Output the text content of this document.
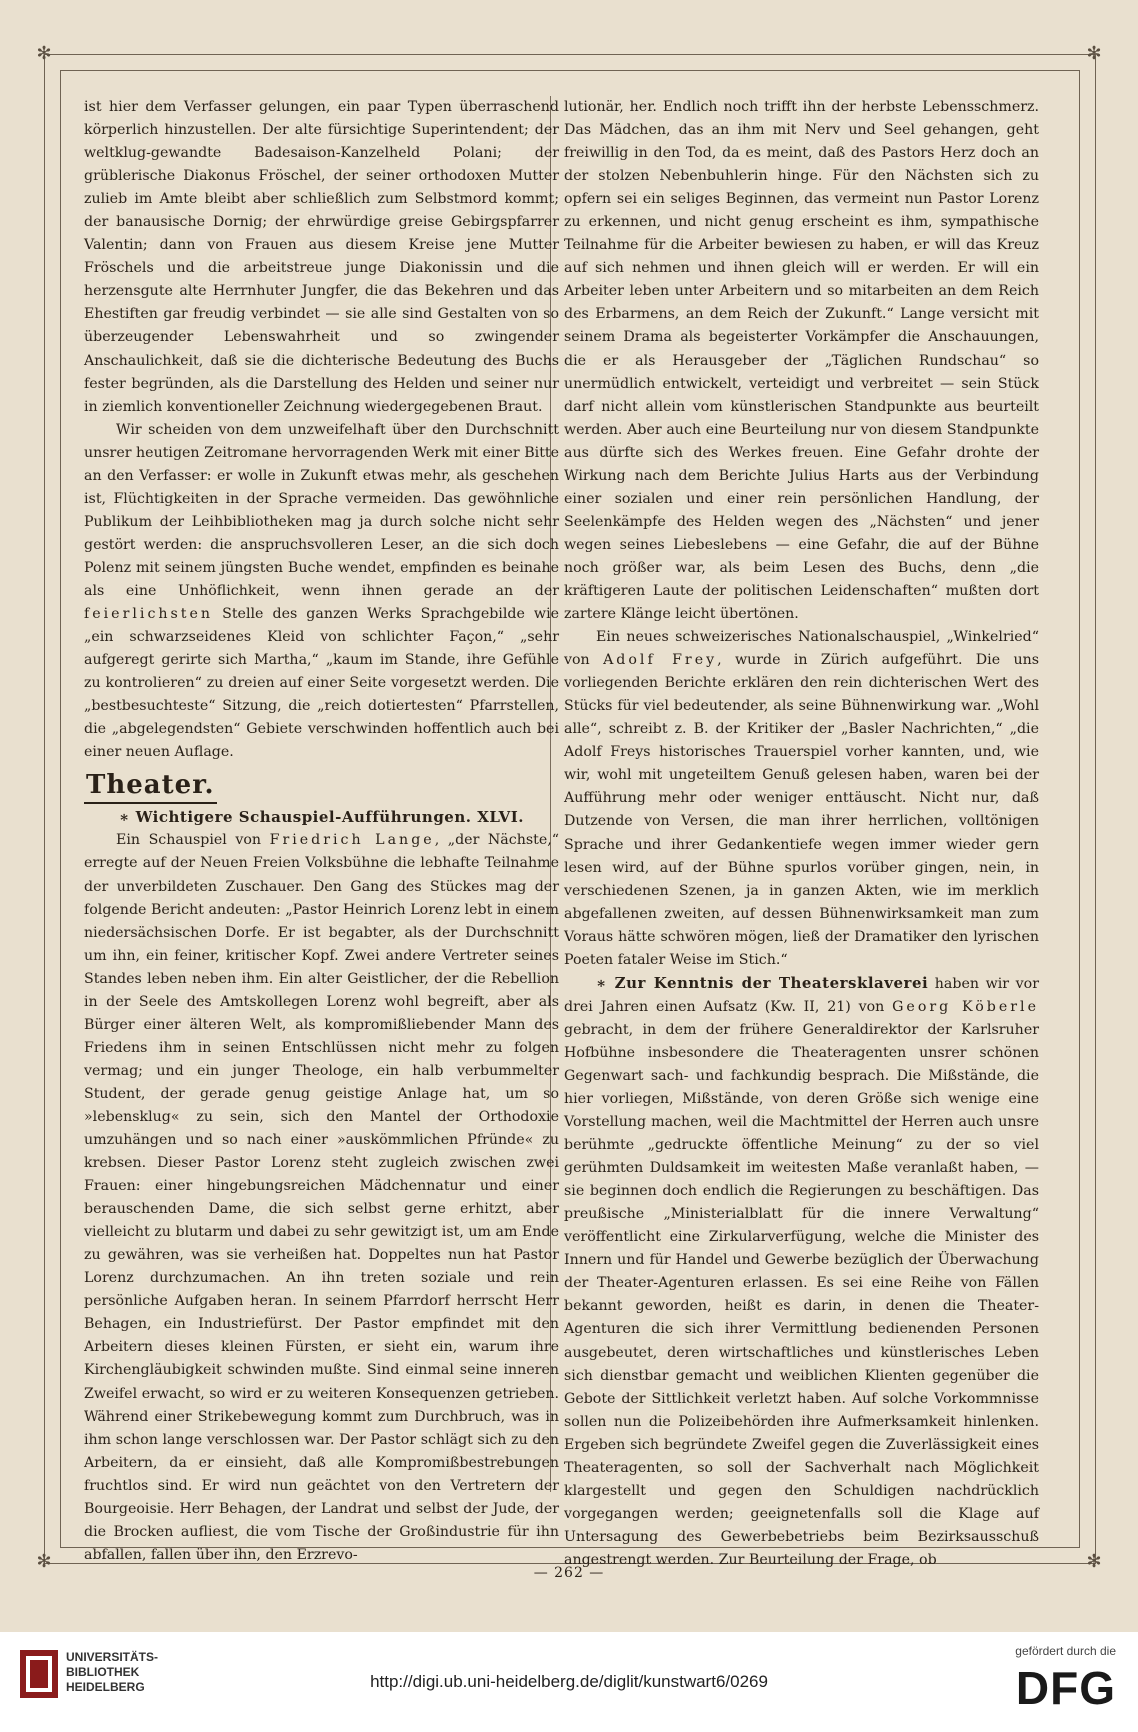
✻	✻
✻	✻

ist hier dem Verfasser gelungen, ein paar Typen überraschend körperlich hinzustellen. Der alte fürsichtige Superintendent; der weltklug-gewandte Badesaison-Kanzelheld Polani; der grüblerische Diakonus Fröschel, der seiner orthodoxen Mutter zulieb im Amte bleibt aber schließlich zum Selbstmord kommt; der banausische Dornig; der ehrwürdige greise Gebirgspfarrer Valentin; dann von Frauen aus diesem Kreise jene Mutter Fröschels und die arbeitstreue junge Diakonissin und die herzensgute alte Herrnhuter Jungfer, die das Bekehren und das Ehestiften gar freudig verbindet — sie alle sind Gestalten von so überzeugender Lebenswahrheit und so zwingender Anschaulichkeit, daß sie die dichterische Bedeutung des Buchs fester begründen, als die Darstellung des Helden und seiner nur in ziemlich konventioneller Zeichnung wiedergegebenen Braut.

Wir scheiden von dem unzweifelhaft über den Durchschnitt unsrer heutigen Zeitromane hervorragenden Werk mit einer Bitte an den Verfasser: er wolle in Zukunft etwas mehr, als geschehen ist, Flüchtigkeiten in der Sprache vermeiden. Das gewöhnliche Publikum der Leihbibliotheken mag ja durch solche nicht sehr gestört werden: die anspruchsvolleren Leser, an die sich doch Polenz mit seinem jüngsten Buche wendet, empfinden es beinahe als eine Unhöflichkeit, wenn ihnen gerade an der feierlichsten Stelle des ganzen Werks Sprachgebilde wie „ein schwarzseidenes Kleid von schlichter Façon,“ „sehr aufgeregt gerirte sich Martha,“ „kaum im Stande, ihre Gefühle zu kontrolieren“ zu dreien auf einer Seite vorgesetzt werden. Die „bestbesuchteste“ Sitzung, die „reich dotiertesten“ Pfarrstellen, die „abgelegendsten“ Gebiete verschwinden hoffentlich auch bei einer neuen Auflage.

Theater.
∗ Wichtigere Schauspiel-Aufführungen. XLVI.

Ein Schauspiel von Friedrich Lange, „der Nächste,“ erregte auf der Neuen Freien Volksbühne die lebhafte Teilnahme der unverbildeten Zuschauer. Den Gang des Stückes mag der folgende Bericht andeuten: „Pastor Heinrich Lorenz lebt in einem niedersächsischen Dorfe. Er ist begabter, als der Durchschnitt um ihn, ein feiner, kritischer Kopf. Zwei andere Vertreter seines Standes leben neben ihm. Ein alter Geistlicher, der die Rebellion in der Seele des Amtskollegen Lorenz wohl begreift, aber als Bürger einer älteren Welt, als kompromißliebender Mann des Friedens ihm in seinen Entschlüssen nicht mehr zu folgen vermag; und ein junger Theologe, ein halb verbummelter Student, der gerade genug geistige Anlage hat, um so »lebensklug« zu sein, sich den Mantel der Orthodoxie umzuhängen und so nach einer »auskömmlichen Pfründe« zu krebsen. Dieser Pastor Lorenz steht zugleich zwischen zwei Frauen: einer hingebungsreichen Mädchennatur und einer berauschenden Dame, die sich selbst gerne erhitzt, aber vielleicht zu blutarm und dabei zu sehr gewitzigt ist, um am Ende zu gewähren, was sie verheißen hat. Doppeltes nun hat Pastor Lorenz durchzumachen. An ihn treten soziale und rein persönliche Aufgaben heran. In seinem Pfarrdorf herrscht Herr Behagen, ein Industriefürst. Der Pastor empfindet mit den Arbeitern dieses kleinen Fürsten, er sieht ein, warum ihre Kirchengläubigkeit schwinden mußte. Sind einmal seine inneren Zweifel erwacht, so wird er zu weiteren Konsequenzen getrieben. Während einer Strikebewegung kommt zum Durchbruch, was in ihm schon lange verschlossen war. Der Pastor schlägt sich zu den Arbeitern, da er einsieht, daß alle Kompromißbestrebungen fruchtlos sind. Er wird nun geächtet von den Vertretern der Bourgeoisie. Herr Behagen, der Landrat und selbst der Jude, der die Brocken aufliest, die vom Tische der Großindustrie für ihn abfallen, fallen über ihn, den Erzrevo-

lutionär, her. Endlich noch trifft ihn der herbste Lebensschmerz. Das Mädchen, das an ihm mit Nerv und Seel gehangen, geht freiwillig in den Tod, da es meint, daß des Pastors Herz doch an der stolzen Nebenbuhlerin hinge. Für den Nächsten sich zu opfern sei ein seliges Beginnen, das vermeint nun Pastor Lorenz zu erkennen, und nicht genug erscheint es ihm, sympathische Teilnahme für die Arbeiter bewiesen zu haben, er will das Kreuz auf sich nehmen und ihnen gleich will er werden. Er will ein Arbeiter leben unter Arbeitern und so mitarbeiten an dem Reich des Erbarmens, an dem Reich der Zukunft.“ Lange versicht mit seinem Drama als begeisterter Vorkämpfer die Anschauungen, die er als Herausgeber der „Täglichen Rundschau“ so unermüdlich entwickelt, verteidigt und verbreitet — sein Stück darf nicht allein vom künstlerischen Standpunkte aus beurteilt werden. Aber auch eine Beurteilung nur von diesem Standpunkte aus dürfte sich des Werkes freuen. Eine Gefahr drohte der Wirkung nach dem Berichte Julius Harts aus der Verbindung einer sozialen und einer rein persönlichen Handlung, der Seelenkämpfe des Helden wegen des „Nächsten“ und jener wegen seines Liebeslebens — eine Gefahr, die auf der Bühne noch größer war, als beim Lesen des Buchs, denn „die kräftigeren Laute der politischen Leidenschaften“ mußten dort zartere Klänge leicht übertönen.

Ein neues schweizerisches Nationalschauspiel, „Winkelried“ von Adolf Frey, wurde in Zürich aufgeführt. Die uns vorliegenden Berichte erklären den rein dichterischen Wert des Stücks für viel bedeutender, als seine Bühnenwirkung war. „Wohl alle“, schreibt z. B. der Kritiker der „Basler Nachrichten,“ „die Adolf Freys historisches Trauerspiel vorher kannten, und, wie wir, wohl mit ungeteiltem Genuß gelesen haben, waren bei der Aufführung mehr oder weniger enttäuscht. Nicht nur, daß Dutzende von Versen, die man ihrer herrlichen, volltönigen Sprache und ihrer Gedankentiefe wegen immer wieder gern lesen wird, auf der Bühne spurlos vorüber gingen, nein, in verschiedenen Szenen, ja in ganzen Akten, wie im merklich abgefallenen zweiten, auf dessen Bühnenwirksamkeit man zum Voraus hätte schwören mögen, ließ der Dramatiker den lyrischen Poeten fataler Weise im Stich.“

∗ Zur Kenntnis der Theatersklaverei haben wir vor drei Jahren einen Aufsatz (Kw. II, 21) von Georg Köberle gebracht, in dem der frühere Generaldirektor der Karlsruher Hofbühne insbesondere die Theateragenten unsrer schönen Gegenwart sach- und fachkundig besprach. Die Mißstände, die hier vorliegen, Mißstände, von deren Größe sich wenige eine Vorstellung machen, weil die Machtmittel der Herren auch unsre berühmte „gedruckte öffentliche Meinung“ zu der so viel gerühmten Duldsamkeit im weitesten Maße veranlaßt haben, — sie beginnen doch endlich die Regierungen zu beschäftigen. Das preußische „Ministerialblatt für die innere Verwaltung“ veröffentlicht eine Zirkularverfügung, welche die Minister des Innern und für Handel und Gewerbe bezüglich der Überwachung der Theater-Agenturen erlassen. Es sei eine Reihe von Fällen bekannt geworden, heißt es darin, in denen die Theater-Agenturen die sich ihrer Vermittlung bedienenden Personen ausgebeutet, deren wirtschaftliches und künstlerisches Leben sich dienstbar gemacht und weiblichen Klienten gegenüber die Gebote der Sittlichkeit verletzt haben. Auf solche Vorkommnisse sollen nun die Polizeibehörden ihre Aufmerksamkeit hinlenken. Ergeben sich begründete Zweifel gegen die Zuverlässigkeit eines Theateragenten, so soll der Sachverhalt nach Möglichkeit klargestellt und gegen den Schuldigen nachdrücklich vorgegangen werden; geeignetenfalls soll die Klage auf Untersagung des Gewerbebetriebs beim Bezirksausschuß angestrengt werden. Zur Beurteilung der Frage, ob

— 262 —
UNIVERSITÄTS-
BIBLIOTHEK
HEIDELBERG	http://digi.ub.uni-heidelberg.de/diglit/kunstwart6/0269
gefördert durch die
DFG
